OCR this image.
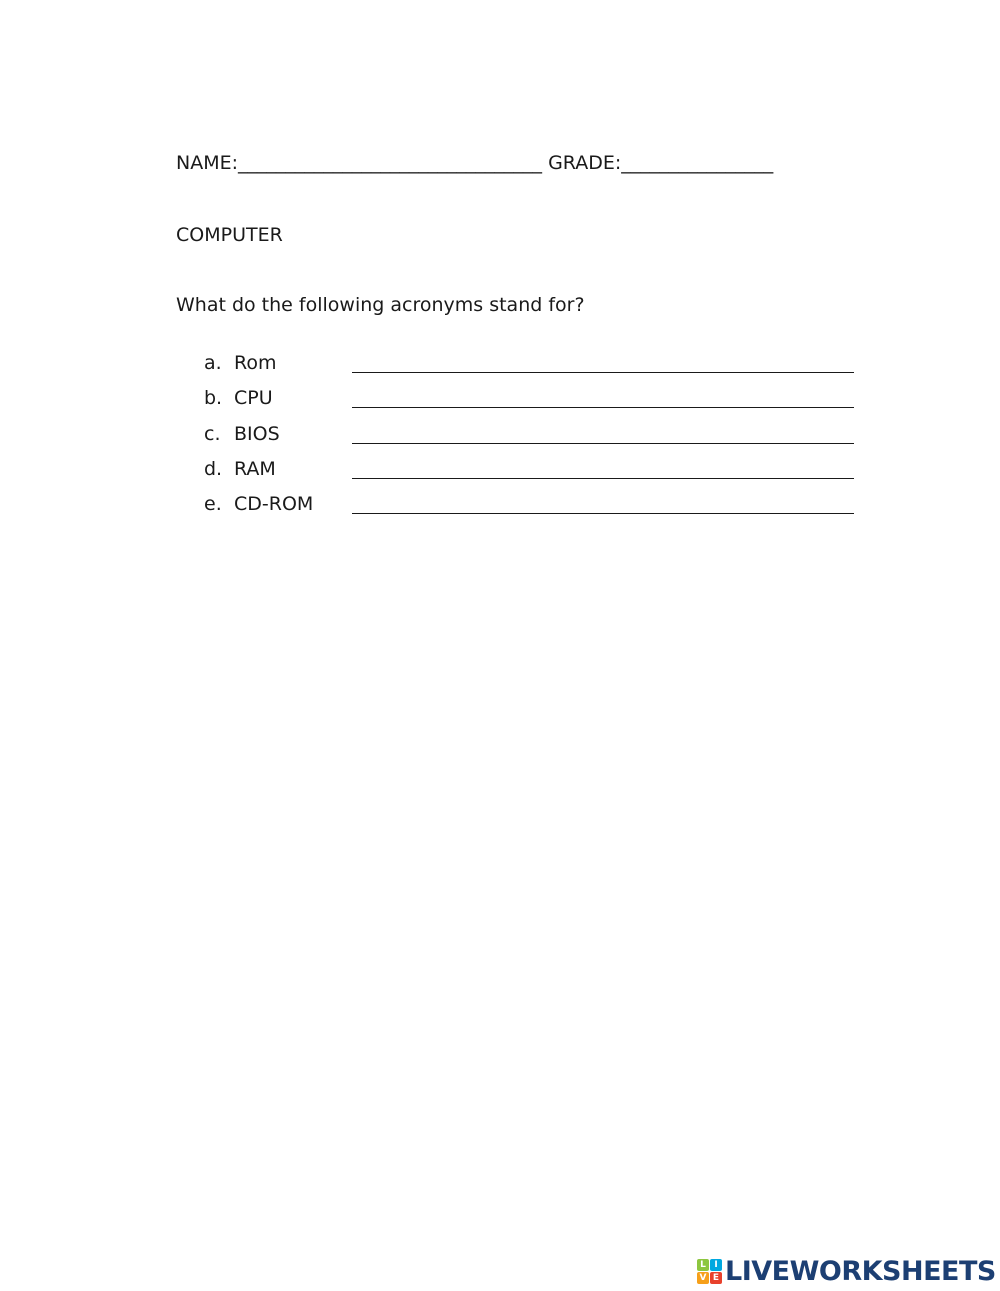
NAME:________________________________ GRADE:________________
COMPUTER
What do the following acronyms stand for?
a. Rom
b. CPU
c. BIOS
d. RAM
e. CD-ROM
L I
V E LIVEWORKSHEETS
